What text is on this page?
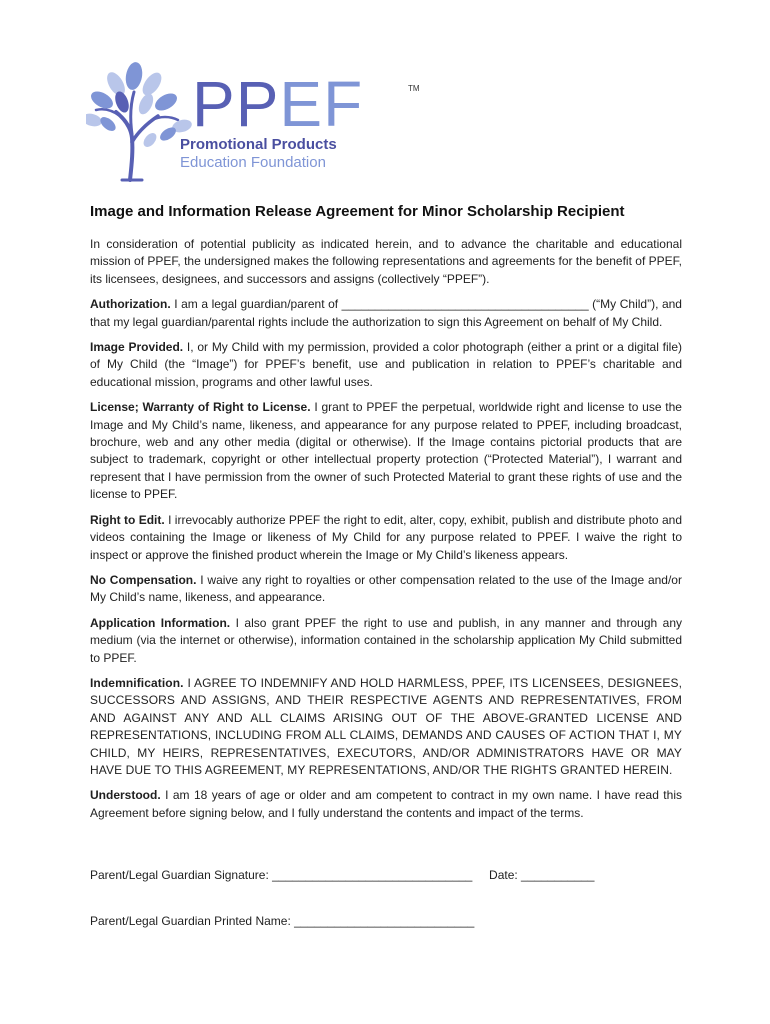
PPEF	TM
Promotional Products
Education Foundation
Image and Information Release Agreement for Minor Scholarship Recipient

In consideration of potential publicity as indicated herein, and to advance the charitable and educational mission of PPEF, the undersigned makes the following representations and agreements for the benefit of PPEF, its licensees, designees, and successors and assigns (collectively “PPEF”).

Authorization. I am a legal guardian/parent of _____________________________________ (“My Child”), and that my legal guardian/parental rights include the authorization to sign this Agreement on behalf of My Child.

Image Provided. I, or My Child with my permission, provided a color photograph (either a print or a digital file) of My Child (the “Image”) for PPEF’s benefit, use and publication in relation to PPEF’s charitable and educational mission, programs and other lawful uses.

License; Warranty of Right to License. I grant to PPEF the perpetual, worldwide right and license to use the Image and My Child’s name, likeness, and appearance for any purpose related to PPEF, including broadcast, brochure, web and any other media (digital or otherwise). If the Image contains pictorial products that are subject to trademark, copyright or other intellectual property protection (“Protected Material”), I warrant and represent that I have permission from the owner of such Protected Material to grant these rights of use and the license to PPEF.

Right to Edit. I irrevocably authorize PPEF the right to edit, alter, copy, exhibit, publish and distribute photo and videos containing the Image or likeness of My Child for any purpose related to PPEF. I waive the right to inspect or approve the finished product wherein the Image or My Child’s likeness appears.

No Compensation. I waive any right to royalties or other compensation related to the use of the Image and/or My Child’s name, likeness, and appearance.

Application Information. I also grant PPEF the right to use and publish, in any manner and through any medium (via the internet or otherwise), information contained in the scholarship application My Child submitted to PPEF.

Indemnification. I AGREE TO INDEMNIFY AND HOLD HARMLESS, PPEF, ITS LICENSEES, DESIGNEES, SUCCESSORS AND ASSIGNS, AND THEIR RESPECTIVE AGENTS AND REPRESENTATIVES, FROM AND AGAINST ANY AND ALL CLAIMS ARISING OUT OF THE ABOVE-GRANTED LICENSE AND REPRESENTATIONS, INCLUDING FROM ALL CLAIMS, DEMANDS AND CAUSES OF ACTION THAT I, MY CHILD, MY HEIRS, REPRESENTATIVES, EXECUTORS, AND/OR ADMINISTRATORS HAVE OR MAY HAVE DUE TO THIS AGREEMENT, MY REPRESENTATIONS, AND/OR THE RIGHTS GRANTED HEREIN.

Understood. I am 18 years of age or older and am competent to contract in my own name. I have read this Agreement before signing below, and I fully understand the contents and impact of the terms.

Parent/Legal Guardian Signature: ______________________________ Date: ___________
Parent/Legal Guardian Printed Name: ___________________________
